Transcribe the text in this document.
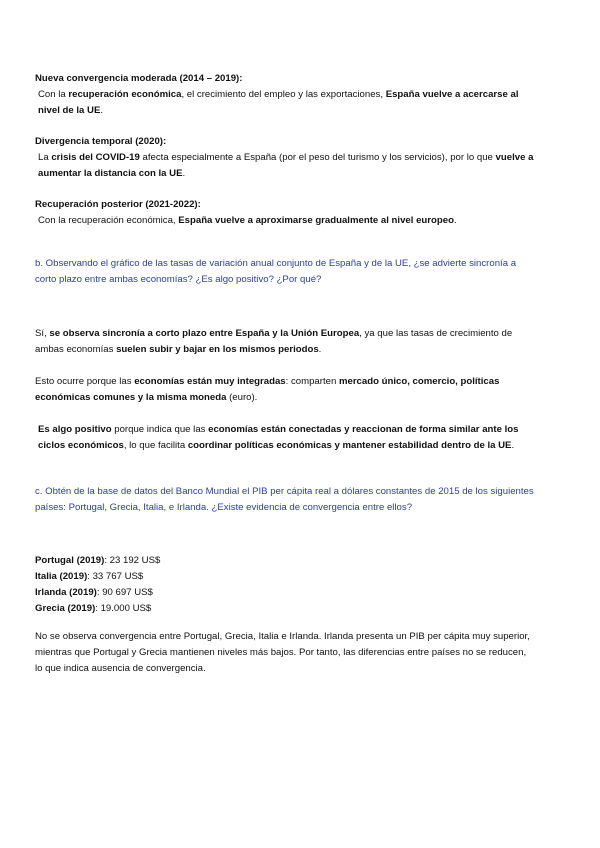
Nueva convergencia moderada (2014 – 2019):

Con la recuperación económica, el crecimiento del empleo y las exportaciones, España vuelve a acercarse al nivel de la UE.

Divergencia temporal (2020):

La crisis del COVID-19 afecta especialmente a España (por el peso del turismo y los servicios), por lo que vuelve a aumentar la distancia con la UE.

Recuperación posterior (2021-2022):

Con la recuperación económica, España vuelve a aproximarse gradualmente al nivel europeo.

b. Observando el gráfico de las tasas de variación anual conjunto de España y de la UE, ¿se advierte sincronía a corto plazo entre ambas economías? ¿Es algo positivo? ¿Por qué?

Sí, se observa sincronía a corto plazo entre España y la Unión Europea, ya que las tasas de crecimiento de ambas economías suelen subir y bajar en los mismos periodos.

Esto ocurre porque las economías están muy integradas: comparten mercado único, comercio, políticas económicas comunes y la misma moneda (euro).

Es algo positivo porque indica que las economías están conectadas y reaccionan de forma similar ante los ciclos económicos, lo que facilita coordinar políticas económicas y mantener estabilidad dentro de la UE.

c. Obtén de la base de datos del Banco Mundial el PIB per cápita real a dólares constantes de 2015 de los siguientes países: Portugal, Grecia, Italia, e Irlanda. ¿Existe evidencia de convergencia entre ellos?

Portugal (2019): 23 192 US$

Italia (2019): 33 767 US$

Irlanda (2019): 90 697 US$

Grecia (2019): 19.000 US$

No se observa convergencia entre Portugal, Grecia, Italia e Irlanda. Irlanda presenta un PIB per cápita muy superior, mientras que Portugal y Grecia mantienen niveles más bajos. Por tanto, las diferencias entre países no se reducen, lo que indica ausencia de convergencia.
